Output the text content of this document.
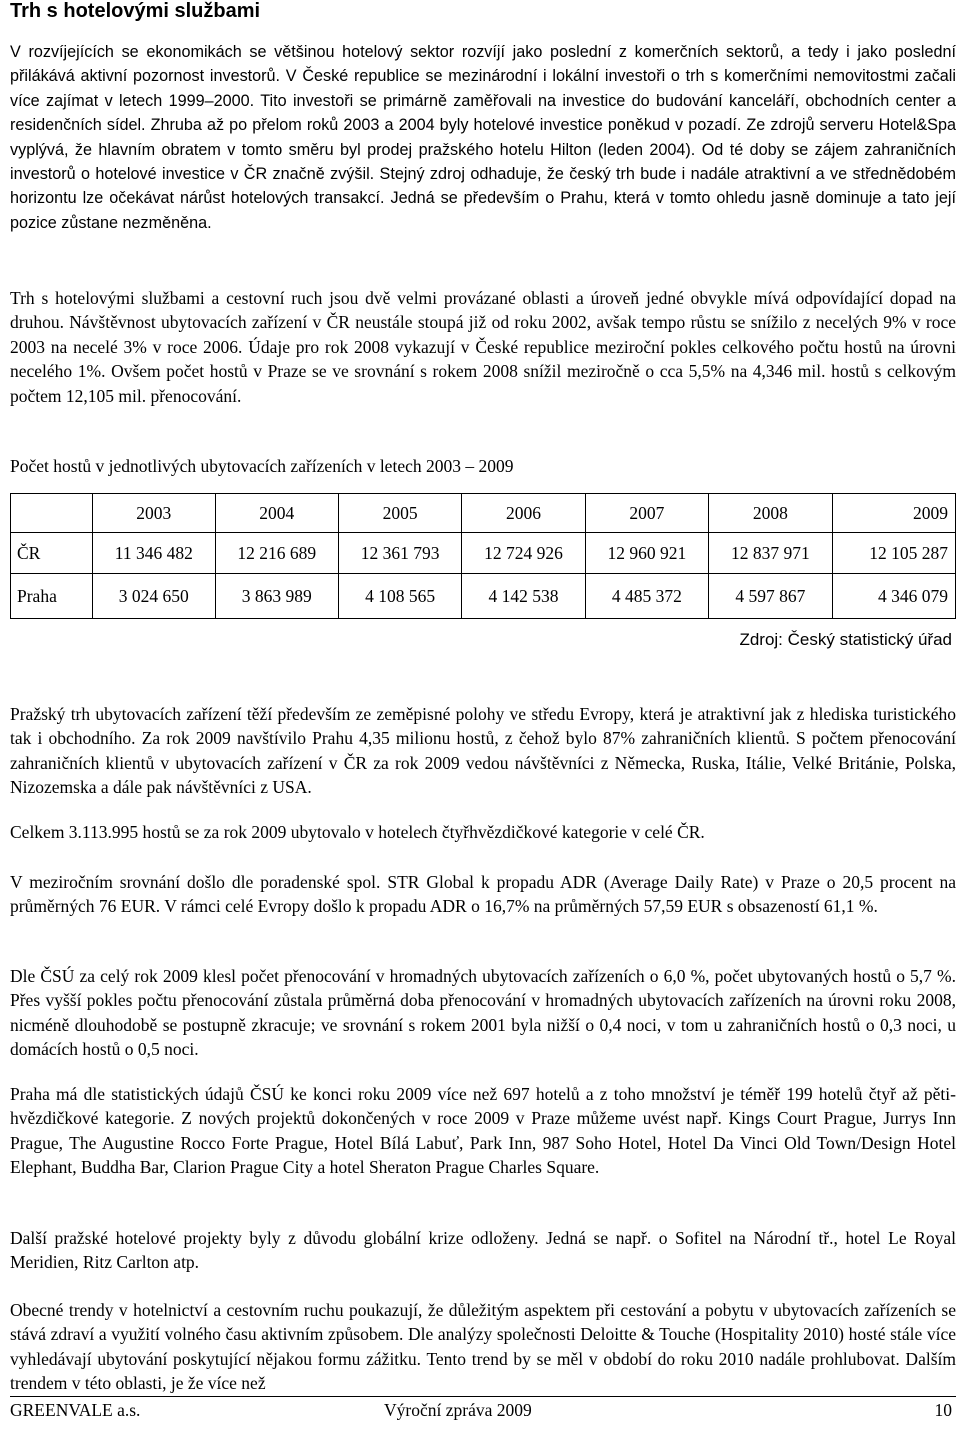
Trh s hotelovými službami

V rozvíjejících se ekonomikách se většinou hotelový sektor rozvíjí jako poslední z komerčních sektorů, a tedy i jako poslední přilákává aktivní pozornost investorů. V České republice se mezinárodní i lokální investoři o trh s komerčními nemovitostmi začali více zajímat v letech 1999–2000. Tito investoři se primárně zaměřovali na investice do budování kanceláří, obchodních center a residenčních sídel. Zhruba až po přelom roků 2003 a 2004 byly hotelové investice poněkud v pozadí. Ze zdrojů serveru Hotel&Spa vyplývá, že hlavním obratem v tomto směru byl prodej pražského hotelu Hilton (leden 2004). Od té doby se zájem zahraničních investorů o hotelové investice v ČR značně zvýšil. Stejný zdroj odhaduje, že český trh bude i nadále atraktivní a ve střednědobém horizontu lze očekávat nárůst hotelových transakcí. Jedná se především o Prahu, která v tomto ohledu jasně dominuje a tato její pozice zůstane nezměněna.

Trh s hotelovými službami a cestovní ruch jsou dvě velmi provázané oblasti a úroveň jedné obvykle mívá odpovídající dopad na druhou. Návštěvnost ubytovacích zařízení v ČR neustále stoupá již od roku 2002, avšak tempo růstu se snížilo z necelých 9% v roce 2003 na necelé 3% v roce 2006. Údaje pro rok 2008 vykazují v České republice meziroční pokles celkového počtu hostů na úrovni necelého 1%. Ovšem počet hostů v Praze se ve srovnání s rokem 2008 snížil meziročně o cca 5,5% na 4,346 mil. hostů s celkovým počtem 12,105 mil. přenocování.

Počet hostů v jednotlivých ubytovacích zařízeních v letech 2003 – 2009

	2003	2004	2005	2006	2007	2008	2009
ČR	11 346 482	12 216 689	12 361 793	12 724 926	12 960 921	12 837 971	12 105 287
Praha	3 024 650	3 863 989	4 108 565	4 142 538	4 485 372	4 597 867	4 346 079
Zdroj: Český statistický úřad

Pražský trh ubytovacích zařízení těží především ze zeměpisné polohy ve středu Evropy, která je atraktivní jak z hlediska turistického tak i obchodního. Za rok 2009 navštívilo Prahu 4,35 milionu hostů, z čehož bylo 87% zahraničních klientů. S počtem přenocování zahraničních klientů v ubytovacích zařízení v ČR za rok 2009 vedou návštěvníci z Německa, Ruska, Itálie, Velké Británie, Polska, Nizozemska a dále pak návštěvníci z USA.

Celkem 3.113.995 hostů se za rok 2009 ubytovalo v hotelech čtyřhvězdičkové kategorie v celé ČR.

V meziročním srovnání došlo dle poradenské spol. STR Global k propadu ADR (Average Daily Rate) v Praze o 20,5 procent na průměrných 76 EUR. V rámci celé Evropy došlo k propadu ADR o 16,7% na průměrných 57,59 EUR s obsazeností 61,1 %.

Dle ČSÚ za celý rok 2009 klesl počet přenocování v hromadných ubytovacích zařízeních o 6,0 %, počet ubytovaných hostů o 5,7 %. Přes vyšší pokles počtu přenocování zůstala průměrná doba přenocování v hromadných ubytovacích zařízeních na úrovni roku 2008, nicméně dlouhodobě se postupně zkracuje; ve srovnání s rokem 2001 byla nižší o 0,4 noci, v tom u zahraničních hostů o 0,3 noci, u domácích hostů o 0,5 noci.

Praha má dle statistických údajů ČSÚ ke konci roku 2009 více než 697 hotelů a z toho množství je téměř 199 hotelů čtyř až pěti-hvězdičkové kategorie. Z nových projektů dokončených v roce 2009 v Praze můžeme uvést např. Kings Court Prague, Jurrys Inn Prague, The Augustine Rocco Forte Prague, Hotel Bílá Labuť, Park Inn, 987 Soho Hotel, Hotel Da Vinci Old Town/Design Hotel Elephant, Buddha Bar, Clarion Prague City a hotel Sheraton Prague Charles Square.

Další pražské hotelové projekty byly z důvodu globální krize odloženy. Jedná se např. o Sofitel na Národní tř., hotel Le Royal Meridien, Ritz Carlton atp.

Obecné trendy v hotelnictví a cestovním ruchu poukazují, že důležitým aspektem při cestování a pobytu v ubytovacích zařízeních se stává zdraví a využití volného času aktivním způsobem. Dle analýzy společnosti Deloitte & Touche (Hospitality 2010) hosté stále více vyhledávají ubytování poskytující nějakou formu zážitku. Tento trend by se měl v období do roku 2010 nadále prohlubovat. Dalším trendem v této oblasti, je že více než

GREENVALE a.s.	Výroční zpráva 2009	10
